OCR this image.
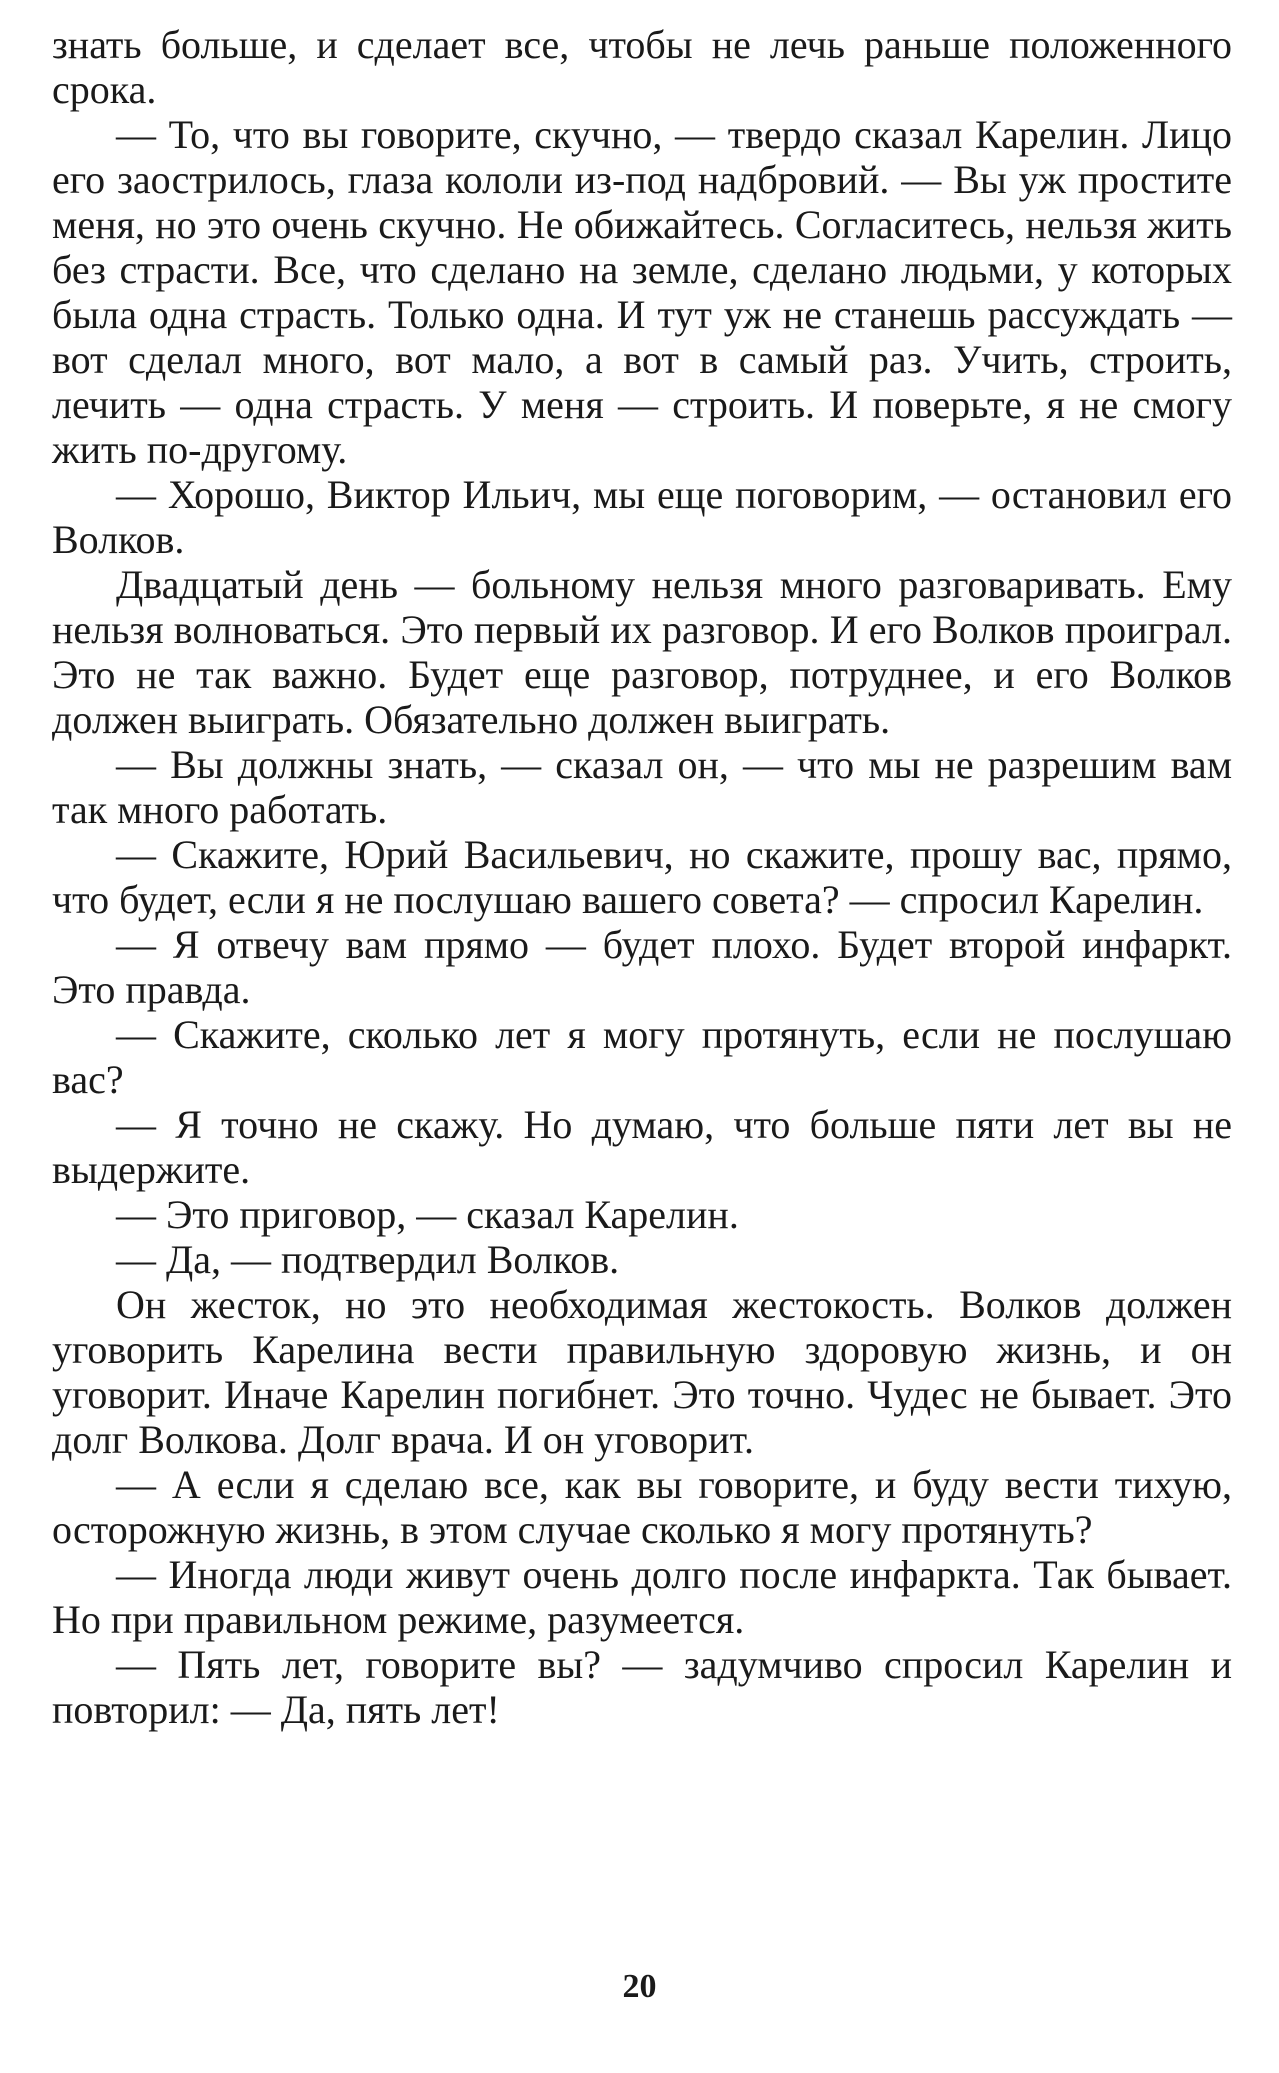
знать больше, и сделает все, чтобы не лечь раньше положенного срока.

— То, что вы говорите, скучно, — твердо сказал Карелин. Лицо его заострилось, глаза кололи из-под надбровий. — Вы уж простите меня, но это очень скучно. Не обижайтесь. Согласитесь, нельзя жить без страсти. Все, что сделано на земле, сделано людьми, у которых была одна страсть. Только одна. И тут уж не станешь рассуждать — вот сделал много, вот мало, а вот в самый раз. Учить, строить, лечить — одна страсть. У меня — строить. И поверьте, я не смогу жить по-другому.

— Хорошо, Виктор Ильич, мы еще поговорим, — остановил его Волков.

Двадцатый день — больному нельзя много разговаривать. Ему нельзя волноваться. Это первый их разговор. И его Волков проиграл. Это не так важно. Будет еще разговор, потруднее, и его Волков должен выиграть. Обязательно должен выиграть.

— Вы должны знать, — сказал он, — что мы не разрешим вам так много работать.

— Скажите, Юрий Васильевич, но скажите, прошу вас, прямо, что будет, если я не послушаю вашего совета? — спросил Карелин.

— Я отвечу вам прямо — будет плохо. Будет второй инфаркт. Это правда.

— Скажите, сколько лет я могу протянуть, если не послушаю вас?

— Я точно не скажу. Но думаю, что больше пяти лет вы не выдержите.

— Это приговор, — сказал Карелин.

— Да, — подтвердил Волков.

Он жесток, но это необходимая жестокость. Волков должен уговорить Карелина вести правильную здоровую жизнь, и он уговорит. Иначе Карелин погибнет. Это точно. Чудес не бывает. Это долг Волкова. Долг врача. И он уговорит.

— А если я сделаю все, как вы говорите, и буду вести тихую, осторожную жизнь, в этом случае сколько я могу протянуть?

— Иногда люди живут очень долго после инфаркта. Так бывает. Но при правильном режиме, разумеется.

— Пять лет, говорите вы? — задумчиво спросил Карелин и повторил: — Да, пять лет!

20
